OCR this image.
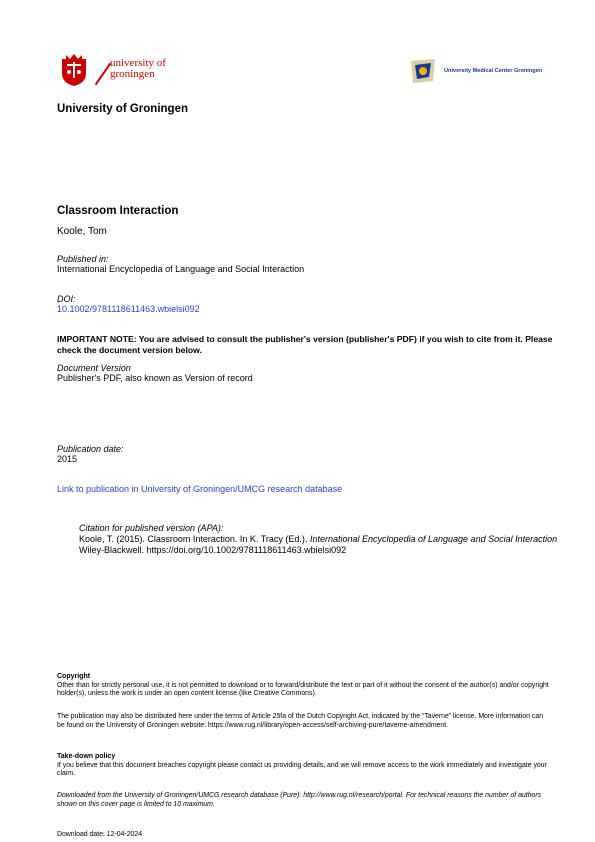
university of
groningen	University Medical Center Groningen
University of Groningen
Classroom Interaction
Koole, Tom
Published in:
International Encyclopedia of Language and Social Interaction
DOI:
10.1002/9781118611463.wbielsi092
IMPORTANT NOTE: You are advised to consult the publisher's version (publisher's PDF) if you wish to cite from it. Please check the document version below.
Document Version
Publisher's PDF, also known as Version of record
Publication date:
2015
Link to publication in University of Groningen/UMCG research database
Citation for published version (APA):
Koole, T. (2015). Classroom Interaction. In K. Tracy (Ed.), International Encyclopedia of Language and Social Interaction Wiley-Blackwell. https://doi.org/10.1002/9781118611463.wbielsi092
Copyright
Other than for strictly personal use, it is not permitted to download or to forward/distribute the text or part of it without the consent of the author(s) and/or copyright holder(s), unless the work is under an open content license (like Creative Commons).
The publication may also be distributed here under the terms of Article 25fa of the Dutch Copyright Act, indicated by the “Taverne” license. More information can be found on the University of Groningen website: https://www.rug.nl/library/open-access/self-archiving-pure/taverne-amendment.
Take-down policy
If you believe that this document breaches copyright please contact us providing details, and we will remove access to the work immediately and investigate your claim.
Downloaded from the University of Groningen/UMCG research database (Pure): http://www.rug.nl/research/portal. For technical reasons the number of authors shown on this cover page is limited to 10 maximum.
Download date: 12-04-2024
